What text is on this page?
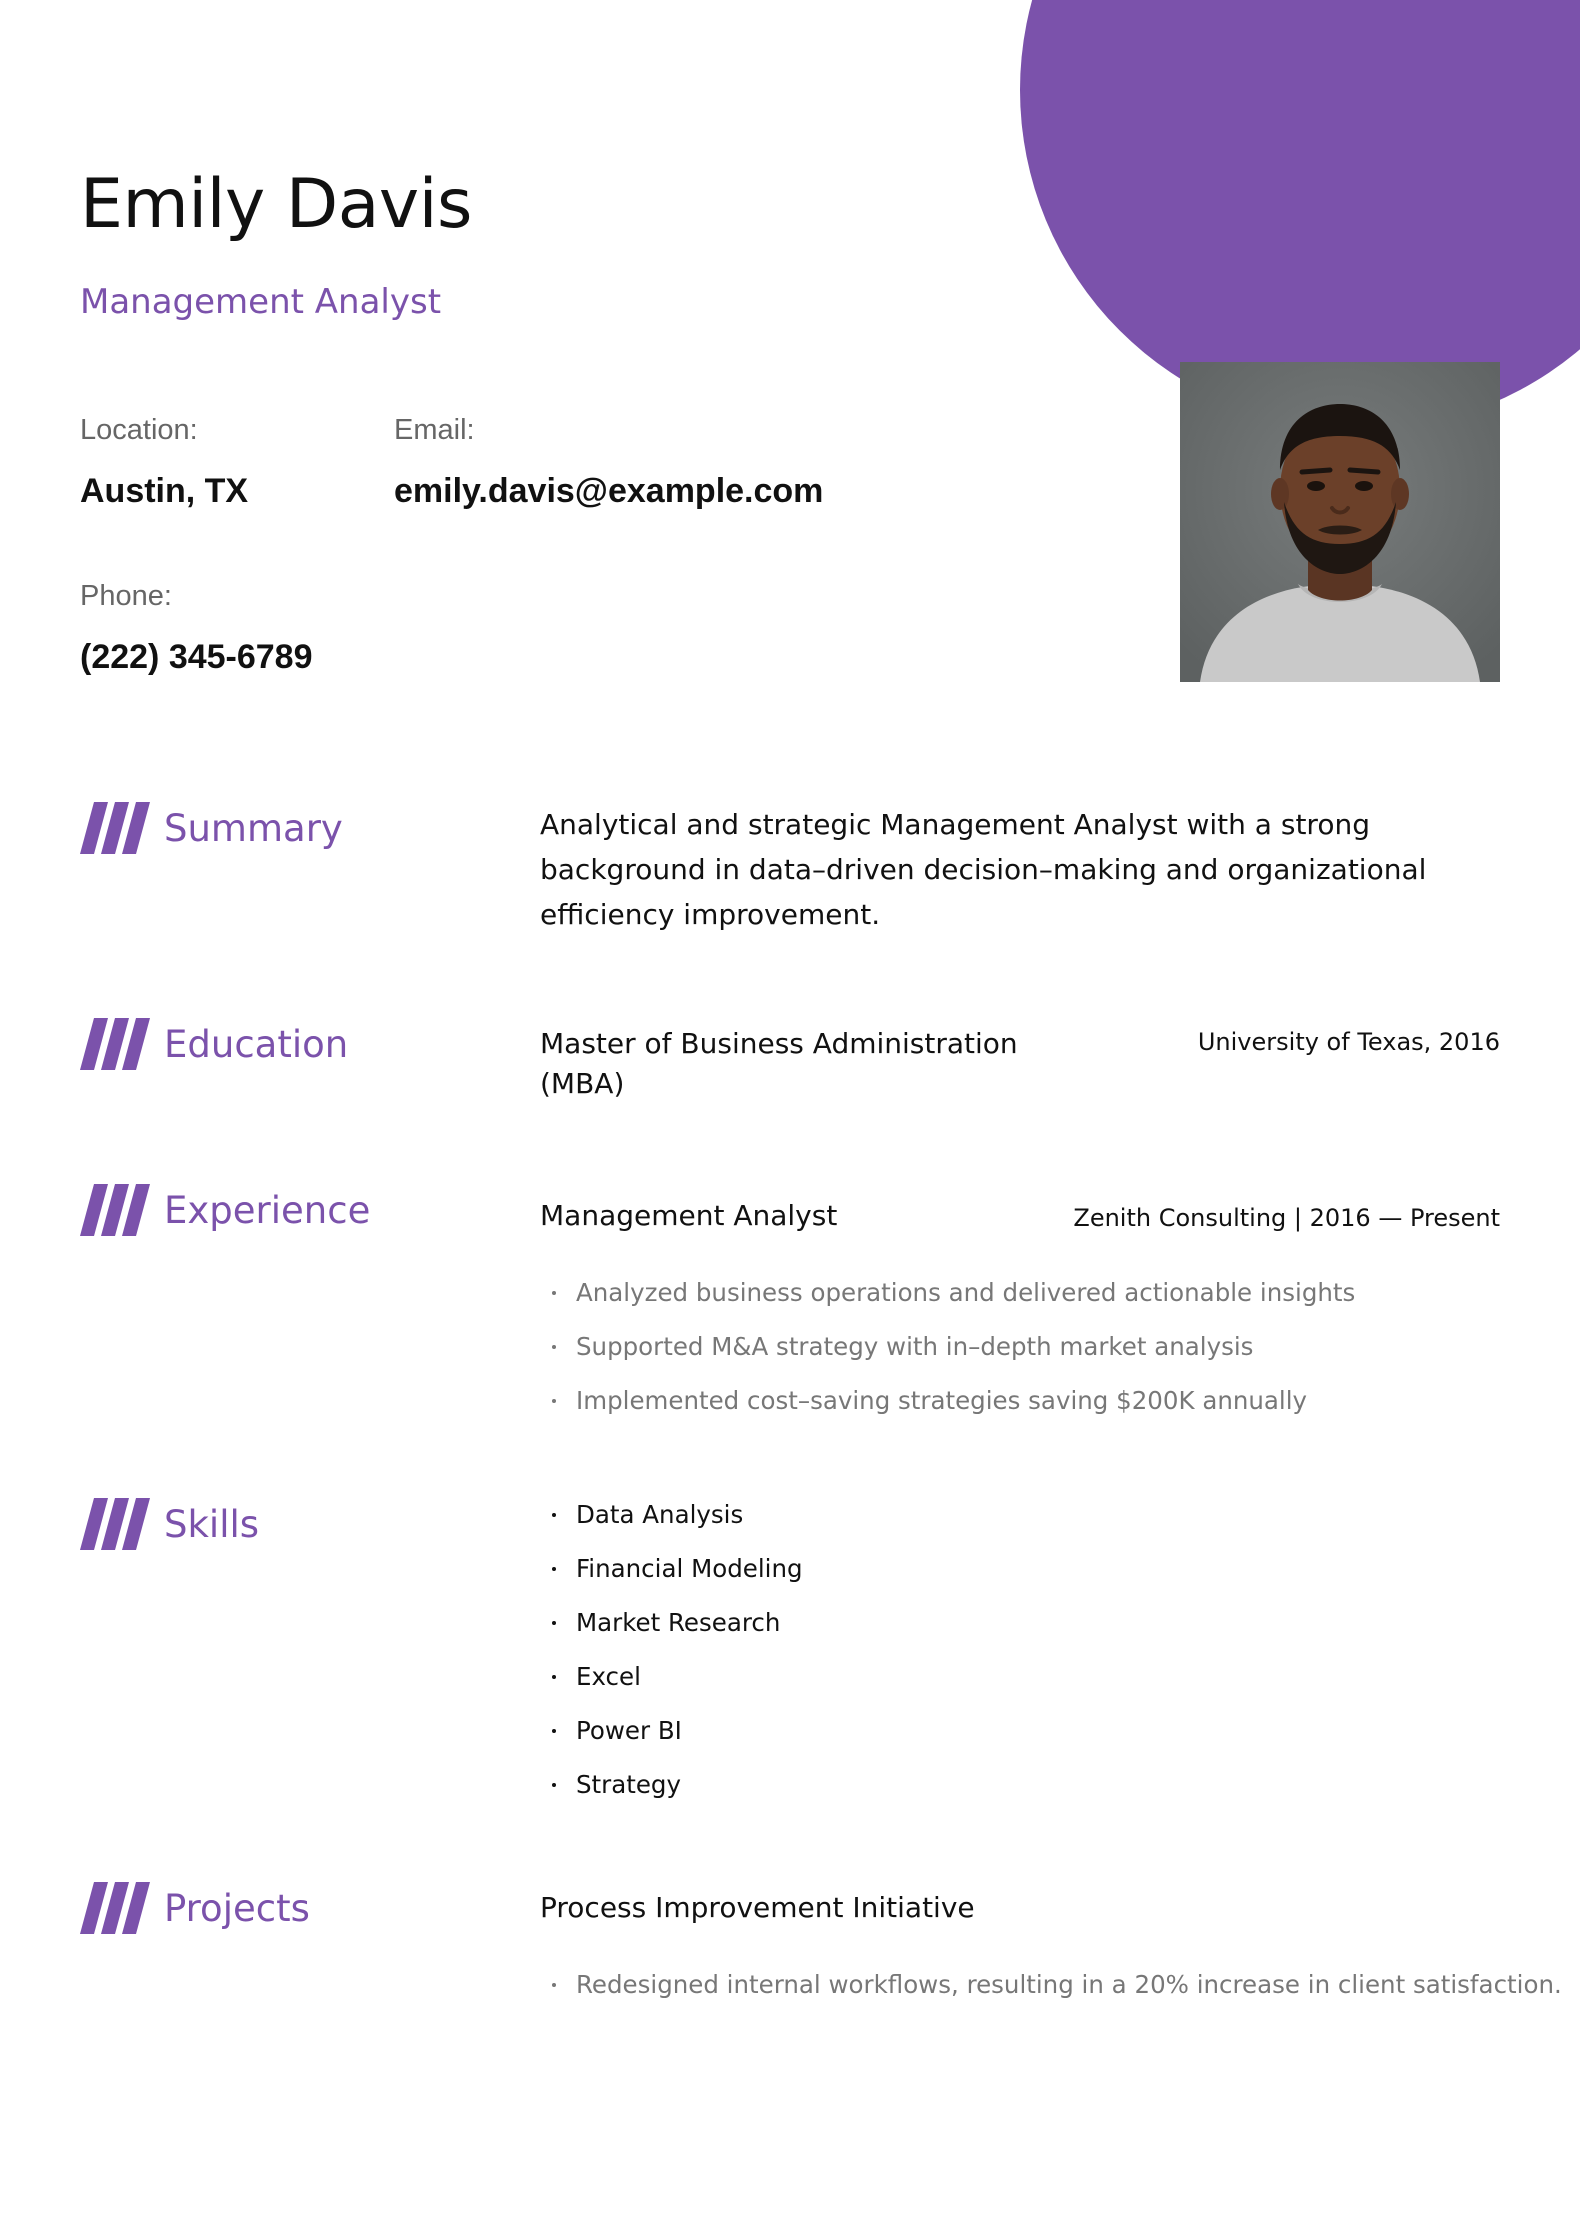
Emily Davis
Management Analyst
Location:
Austin, TX
Email:
emily.davis@example.com
Phone:
(222) 345-6789
Summary	Analytical and strategic Management Analyst with a strong background in data–driven decision–making and organizational efficiency improvement.

Education	Master of Business Administration
(MBA)
University of Texas, 2016
Experience	Management Analyst	Zenith Consulting | 2016 — Present
Analyzed business operations and delivered actionable insights
Supported M&A strategy with in–depth market analysis
Implemented cost–saving strategies saving $200K annually
Skills	Data Analysis
Financial Modeling
Market Research
Excel
Power BI
Strategy
Projects	Process Improvement Initiative
Redesigned internal workflows, resulting in a 20% increase in client satisfaction.
